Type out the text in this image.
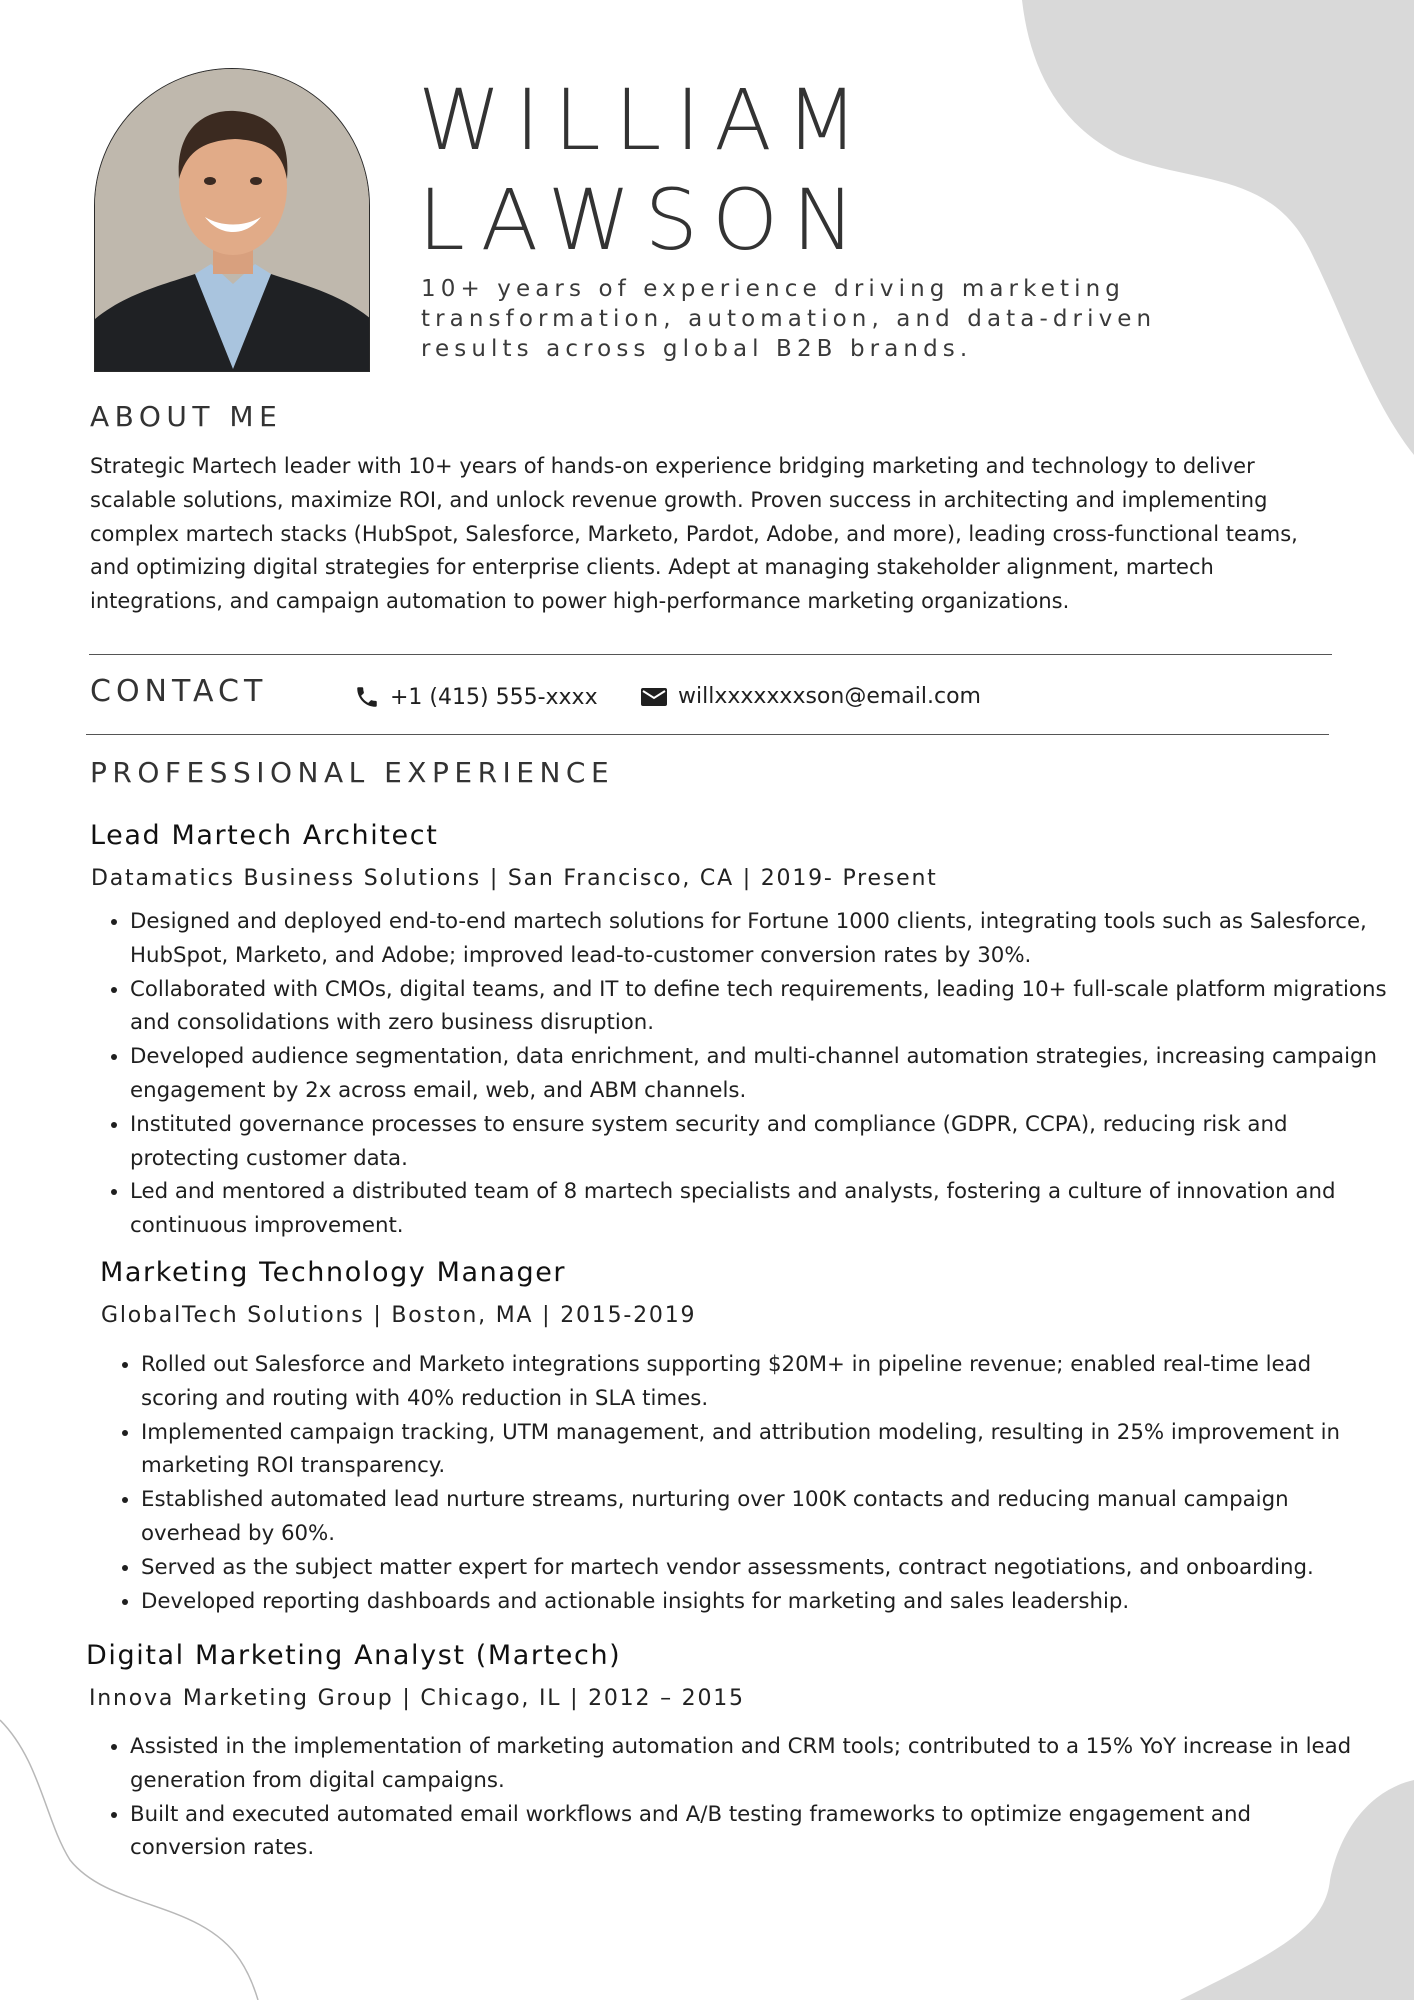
WILLIAM
LAWSON

10+ years of experience driving marketing transformation, automation, and data-driven results across global B2B brands.

ABOUT ME

Strategic Martech leader with 10+ years of hands-on experience bridging marketing and technology to deliver scalable solutions, maximize ROI, and unlock revenue growth. Proven success in architecting and implementing complex martech stacks (HubSpot, Salesforce, Marketo, Pardot, Adobe, and more), leading cross-functional teams, and optimizing digital strategies for enterprise clients. Adept at managing stakeholder alignment, martech integrations, and campaign automation to power high-performance marketing organizations.

CONTACT	+1 (415) 555-xxxx	willxxxxxxxson@email.com
PROFESSIONAL EXPERIENCE
Lead Martech Architect

Datamatics Business Solutions | San Francisco, CA | 2019- Present

• Designed and deployed end-to-end martech solutions for Fortune 1000 clients, integrating tools such as Salesforce, HubSpot, Marketo, and Adobe; improved lead-to-customer conversion rates by 30%.
• Collaborated with CMOs, digital teams, and IT to define tech requirements, leading 10+ full-scale platform migrations and consolidations with zero business disruption.
• Developed audience segmentation, data enrichment, and multi-channel automation strategies, increasing campaign engagement by 2x across email, web, and ABM channels.
• Instituted governance processes to ensure system security and compliance (GDPR, CCPA), reducing risk and protecting customer data.
• Led and mentored a distributed team of 8 martech specialists and analysts, fostering a culture of innovation and continuous improvement.
Marketing Technology Manager

GlobalTech Solutions | Boston, MA | 2015-2019

• Rolled out Salesforce and Marketo integrations supporting $20M+ in pipeline revenue; enabled real-time lead scoring and routing with 40% reduction in SLA times.
• Implemented campaign tracking, UTM management, and attribution modeling, resulting in 25% improvement in marketing ROI transparency.
• Established automated lead nurture streams, nurturing over 100K contacts and reducing manual campaign overhead by 60%.
• Served as the subject matter expert for martech vendor assessments, contract negotiations, and onboarding.
• Developed reporting dashboards and actionable insights for marketing and sales leadership.
Digital Marketing Analyst (Martech)

Innova Marketing Group | Chicago, IL | 2012 – 2015

• Assisted in the implementation of marketing automation and CRM tools; contributed to a 15% YoY increase in lead generation from digital campaigns.
• Built and executed automated email workflows and A/B testing frameworks to optimize engagement and conversion rates.
